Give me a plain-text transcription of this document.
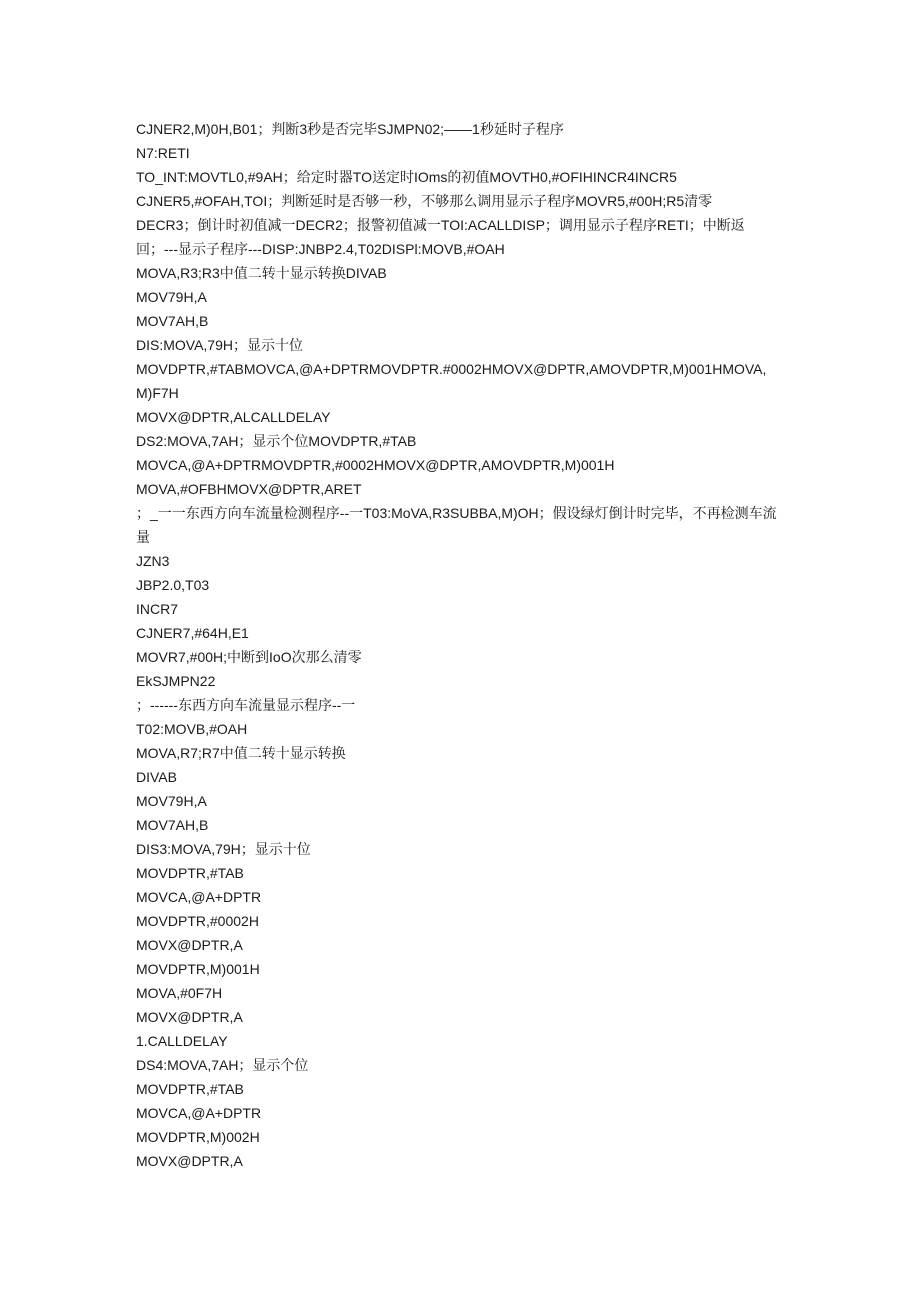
CJNER2,M)0H,B01；判断3秒是否完毕SJMPN02;——1秒延时子程序

N7:RETI

TO_INT:MOVTL0,#9AH；给定时器TO送定时IOms的初值MOVTH0,#OFIHINCR4INCR5

CJNER5,#OFAH,TOI；判断延时是否够一秒，不够那么调用显示子程序MOVR5,#00H;R5清零

DECR3；倒计时初值减一DECR2；报警初值减一TOI:ACALLDISP；调用显示子程序RETI；中断返

回；---显示子程序---DISP:JNBP2.4,T02DISPl:MOVB,#OAH

MOVA,R3;R3中值二转十显示转换DIVAB

MOV79H,A

MOV7AH,B

DIS:MOVA,79H；显示十位

MOVDPTR,#TABMOVCA,@A+DPTRMOVDPTR.#0002HMOVX@DPTR,AMOVDPTR,M)001HMOVA,M)F7H

MOVX@DPTR,ALCALLDELAY

DS2:MOVA,7AH；显示个位MOVDPTR,#TAB

MOVCA,@A+DPTRMOVDPTR,#0002HMOVX@DPTR,AMOVDPTR,M)001H

MOVA,#OFBHMOVX@DPTR,ARET

；_一一东西方向车流量检测程序--一T03:MoVA,R3SUBBA,M)OH；假设绿灯倒计时完毕，不再检测车流量

JZN3

JBP2.0,T03

INCR7

CJNER7,#64H,E1

MOVR7,#00H;中断到IoO次那么清零

EkSJMPN22

；------东西方向车流量显示程序--一

T02:MOVB,#OAH

MOVA,R7;R7中值二转十显示转换

DIVAB

MOV79H,A

MOV7AH,B

DIS3:MOVA,79H；显示十位

MOVDPTR,#TAB

MOVCA,@A+DPTR

MOVDPTR,#0002H

MOVX@DPTR,A

MOVDPTR,M)001H

MOVA,#0F7H

MOVX@DPTR,A

1.CALLDELAY

DS4:MOVA,7AH；显示个位

MOVDPTR,#TAB

MOVCA,@A+DPTR

MOVDPTR,M)002H

MOVX@DPTR,A
